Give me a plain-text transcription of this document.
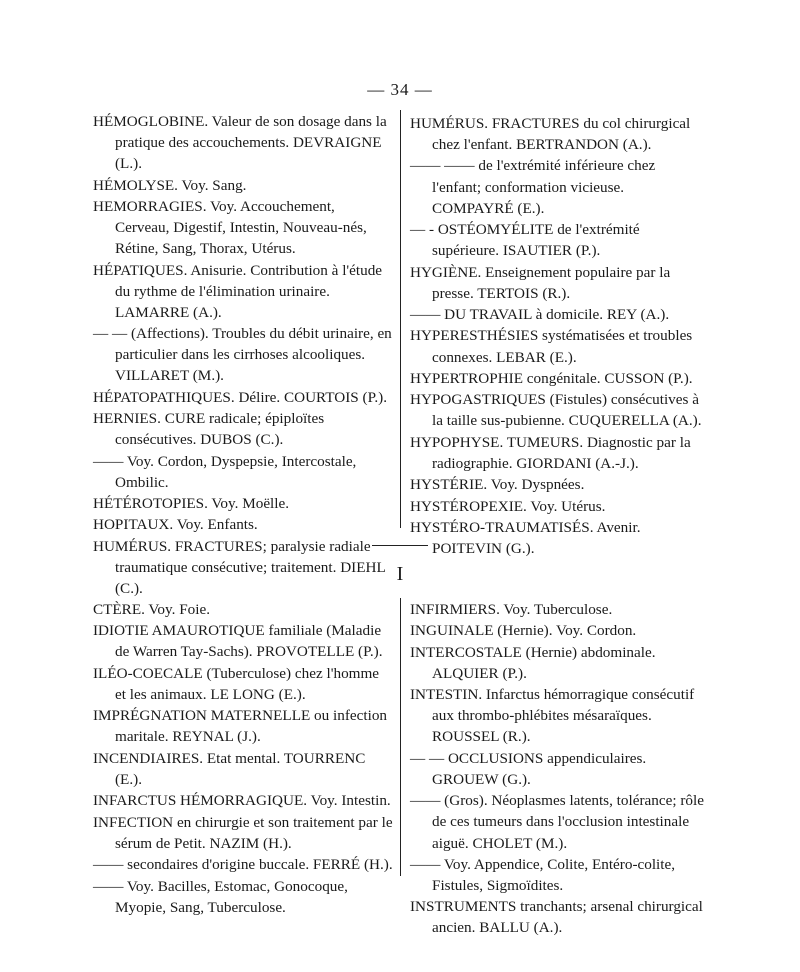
— 34 —
HÉMOGLOBINE. Valeur de son dosage dans la pratique des accouchements. DEVRAIGNE (L.).
HÉMOLYSE. Voy. Sang.
HEMORRAGIES. Voy. Accouchement, Cerveau, Digestif, Intestin, Nouveau-nés, Rétine, Sang, Thorax, Utérus.
HÉPATIQUES. Anisurie. Contribution à l'étude du rythme de l'élimination urinaire. LAMARRE (A.).
— — (Affections). Troubles du débit urinaire, en particulier dans les cirrhoses alcooliques. VILLARET (M.).
HÉPATOPATHIQUES. Délire. COURTOIS (P.).
HERNIES. CURE radicale; épiploïtes consécutives. DUBOS (C.).
—— Voy. Cordon, Dyspepsie, Intercostale, Ombilic.
HÉTÉROTOPIES. Voy. Moëlle.
HOPITAUX. Voy. Enfants.
HUMÉRUS. FRACTURES; paralysie radiale traumatique consécutive; traitement. DIEHL (C.).
HUMÉRUS. FRACTURES du col chirurgical chez l'enfant. BERTRANDON (A.).
—— —— de l'extrémité inférieure chez l'enfant; conformation vicieuse. COMPAYRÉ (E.).
— - OSTÉOMYÉLITE de l'extrémité supérieure. ISAUTIER (P.).
HYGIÈNE. Enseignement populaire par la presse. TERTOIS (R.).
—— DU TRAVAIL à domicile. REY (A.).
HYPERESTHÉSIES systématisées et troubles connexes. LEBAR (E.).
HYPERTROPHIE congénitale. CUSSON (P.).
HYPOGASTRIQUES (Fistules) consécutives à la taille sus-pubienne. CUQUERELLA (A.).
HYPOPHYSE. TUMEURS. Diagnostic par la radiographie. GIORDANI (A.-J.).
HYSTÉRIE. Voy. Dyspnées.
HYSTÉROPEXIE. Voy. Utérus.
HYSTÉRO-TRAUMATISÉS. Avenir. POITEVIN (G.).
I
CTÈRE. Voy. Foie.
IDIOTIE AMAUROTIQUE familiale (Maladie de Warren Tay-Sachs). PROVOTELLE (P.).
ILÉO-COECALE (Tuberculose) chez l'homme et les animaux. LE LONG (E.).
IMPRÉGNATION MATERNELLE ou infection maritale. REYNAL (J.).
INCENDIAIRES. Etat mental. TOURRENC (E.).
INFARCTUS HÉMORRAGIQUE. Voy. Intestin.
INFECTION en chirurgie et son traitement par le sérum de Petit. NAZIM (H.).
—— secondaires d'origine buccale. FERRÉ (H.).
—— Voy. Bacilles, Estomac, Gonocoque, Myopie, Sang, Tuberculose.
INFIRMIERS. Voy. Tuberculose.
INGUINALE (Hernie). Voy. Cordon.
INTERCOSTALE (Hernie) abdominale. ALQUIER (P.).
INTESTIN. Infarctus hémorragique consécutif aux thrombo-phlébites mésaraïques. ROUSSEL (R.).
— — OCCLUSIONS appendiculaires. GROUEW (G.).
—— (Gros). Néoplasmes latents, tolérance; rôle de ces tumeurs dans l'occlusion intestinale aiguë. CHOLET (M.).
—— Voy. Appendice, Colite, Entéro-colite, Fistules, Sigmoïdites.
INSTRUMENTS tranchants; arsenal chirurgical ancien. BALLU (A.).
